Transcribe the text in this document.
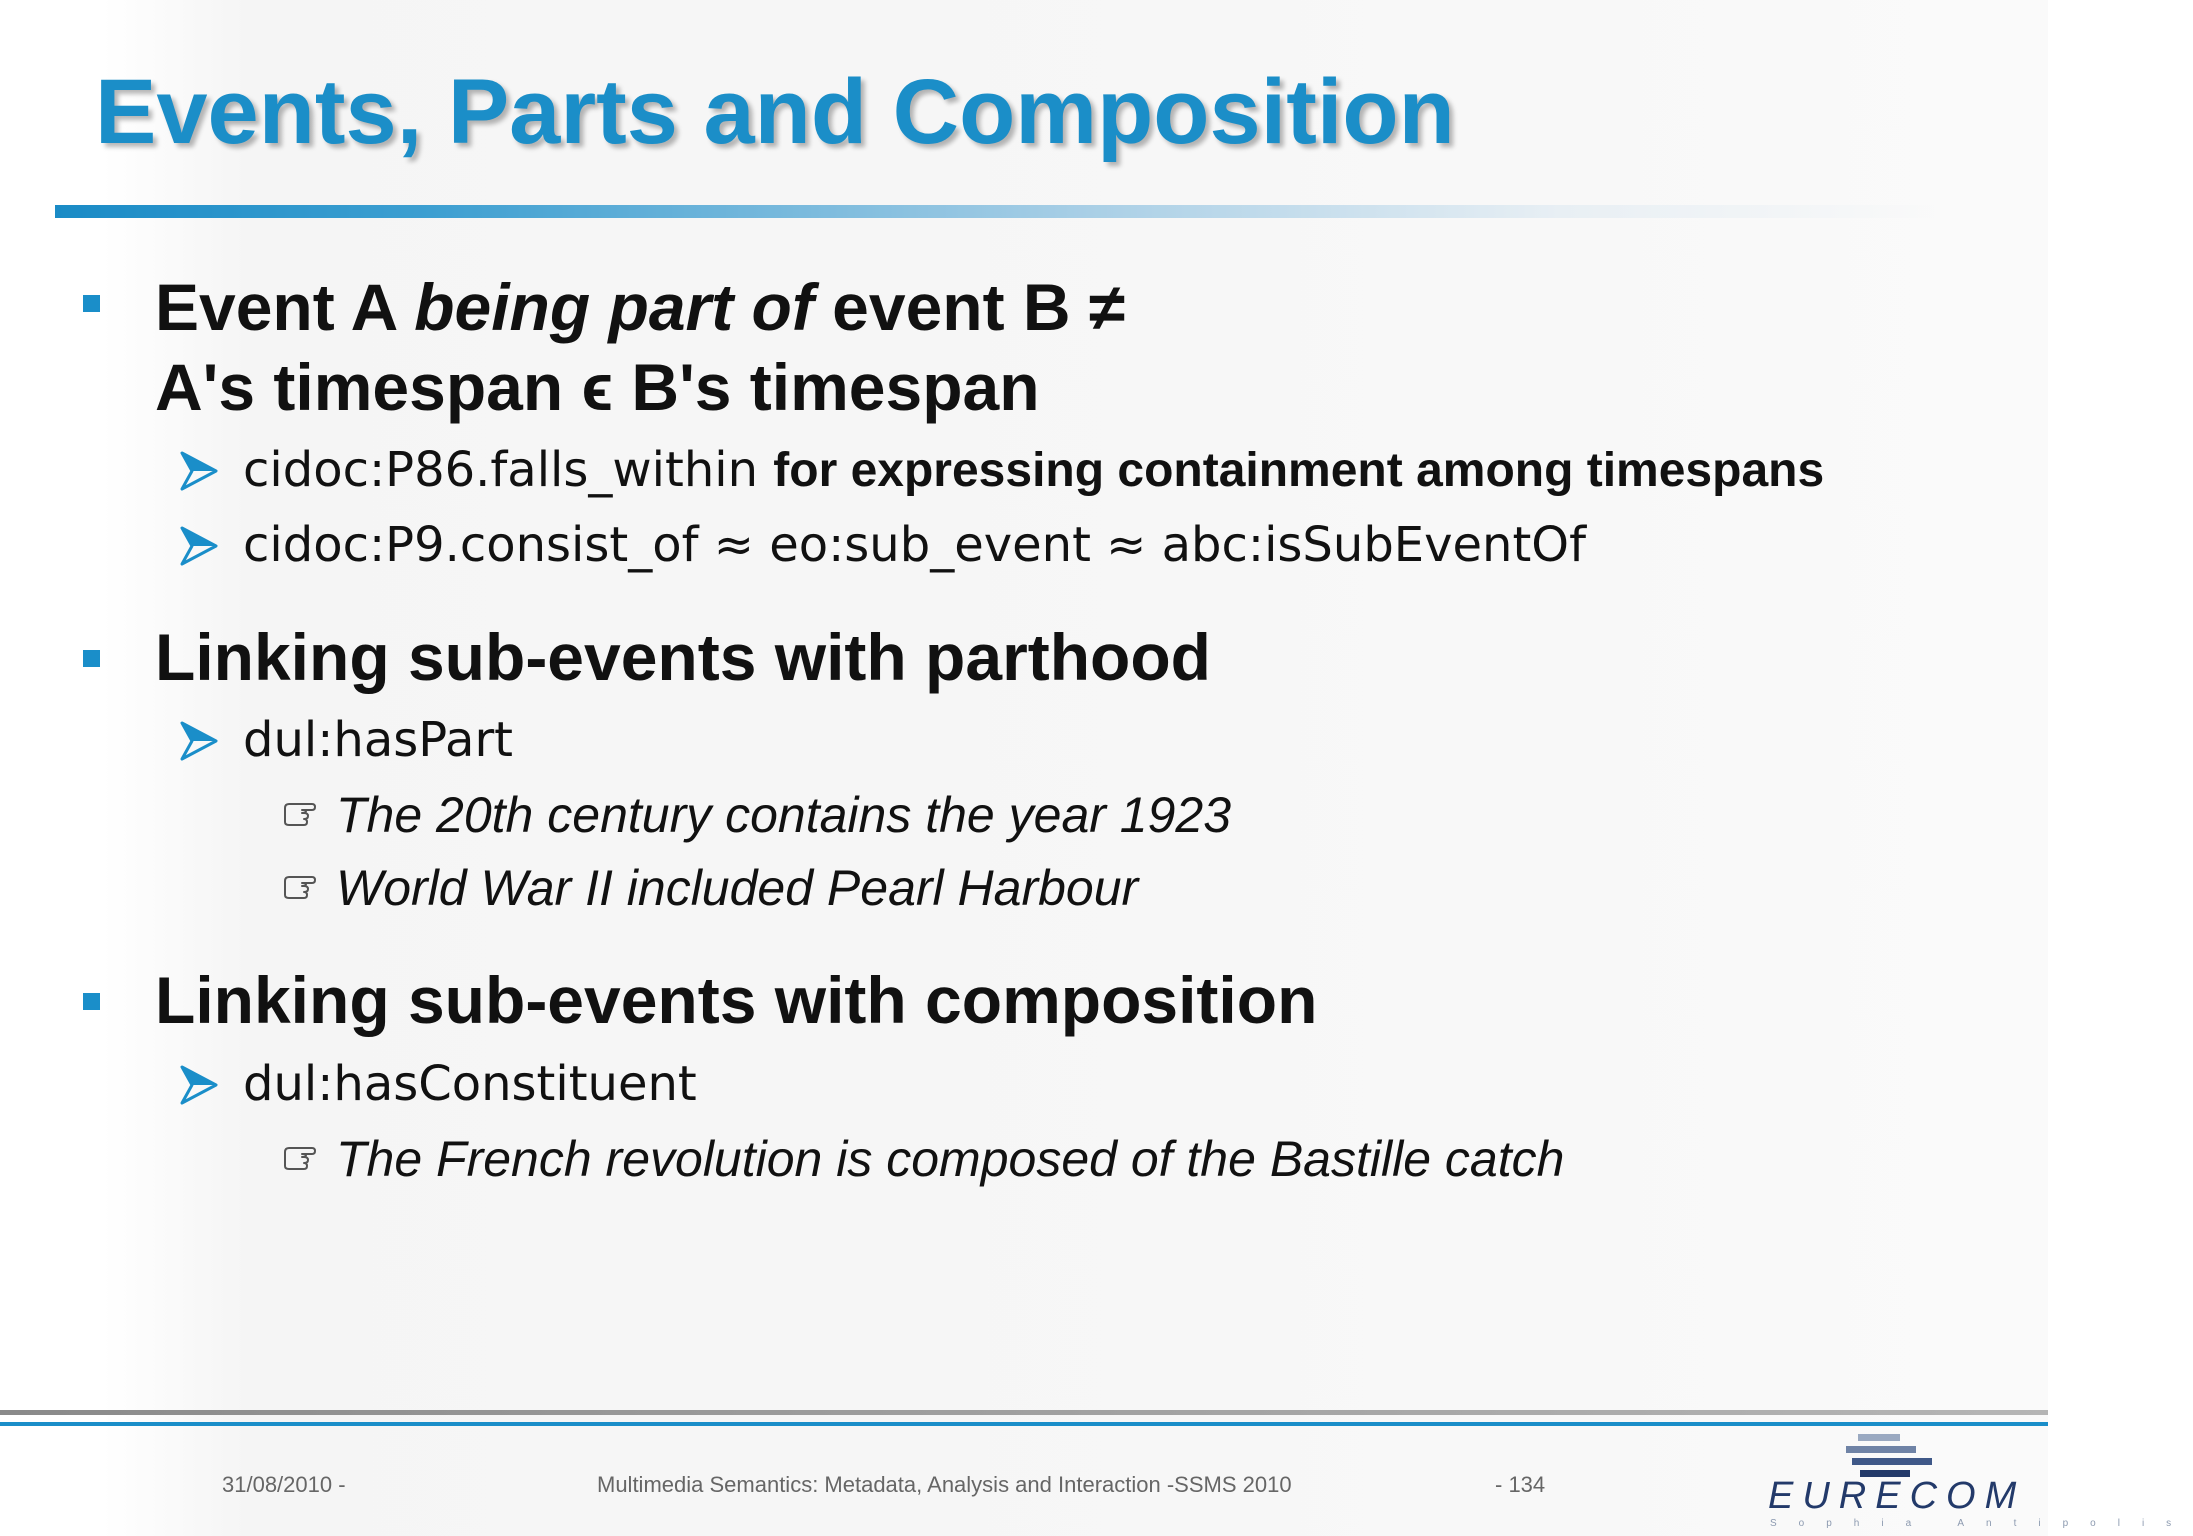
Events, Parts and Composition

Event A being part of event B ≠

A's timespan ϵ B's timespan

cidoc:P86.falls_within for expressing containment among timespans

cidoc:P9.consist_of ≈ eo:sub_event ≈ abc:isSubEventOf

Linking sub-events with parthood

dul:hasPart

The 20th century contains the year 1923

World War II included Pearl Harbour

Linking sub-events with composition

dul:hasConstituent

The French revolution is composed of the Bastille catch

31/08/2010 -	Multimedia Semantics: Metadata, Analysis and Interaction -SSMS 2010	- 134	EURECOM

Sophia Antipolis
